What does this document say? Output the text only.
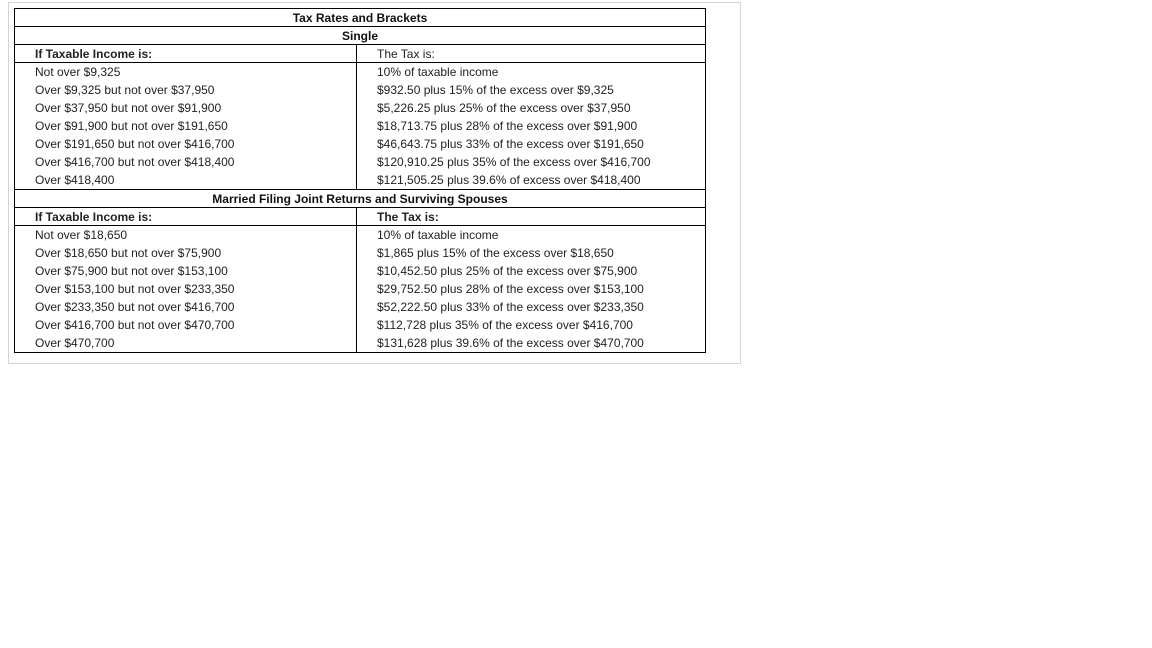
Tax Rates and Brackets	
Single	
If Taxable Income is:	The Tax is:
Not over $9,325	10% of taxable income
Over $9,325 but not over $37,950	$932.50 plus 15% of the excess over $9,325
Over $37,950 but not over $91,900	$5,226.25 plus 25% of the excess over $37,950
Over $91,900 but not over $191,650	$18,713.75 plus 28% of the excess over $91,900
Over $191,650 but not over $416,700	$46,643.75 plus 33% of the excess over $191,650
Over $416,700 but not over $418,400	$120,910.25 plus 35% of the excess over $416,700
Over $418,400	$121,505.25 plus 39.6% of excess over $418,400
Married Filing Joint Returns and Surviving Spouses	
If Taxable Income is:	The Tax is:
Not over $18,650	10% of taxable income
Over $18,650 but not over $75,900	$1,865 plus 15% of the excess over $18,650
Over $75,900 but not over $153,100	$10,452.50 plus 25% of the excess over $75,900
Over $153,100 but not over $233,350	$29,752.50 plus 28% of the excess over $153,100
Over $233,350 but not over $416,700	$52,222.50 plus 33% of the excess over $233,350
Over $416,700 but not over $470,700	$112,728 plus 35% of the excess over $416,700
Over $470,700	$131,628 plus 39.6% of the excess over $470,700
